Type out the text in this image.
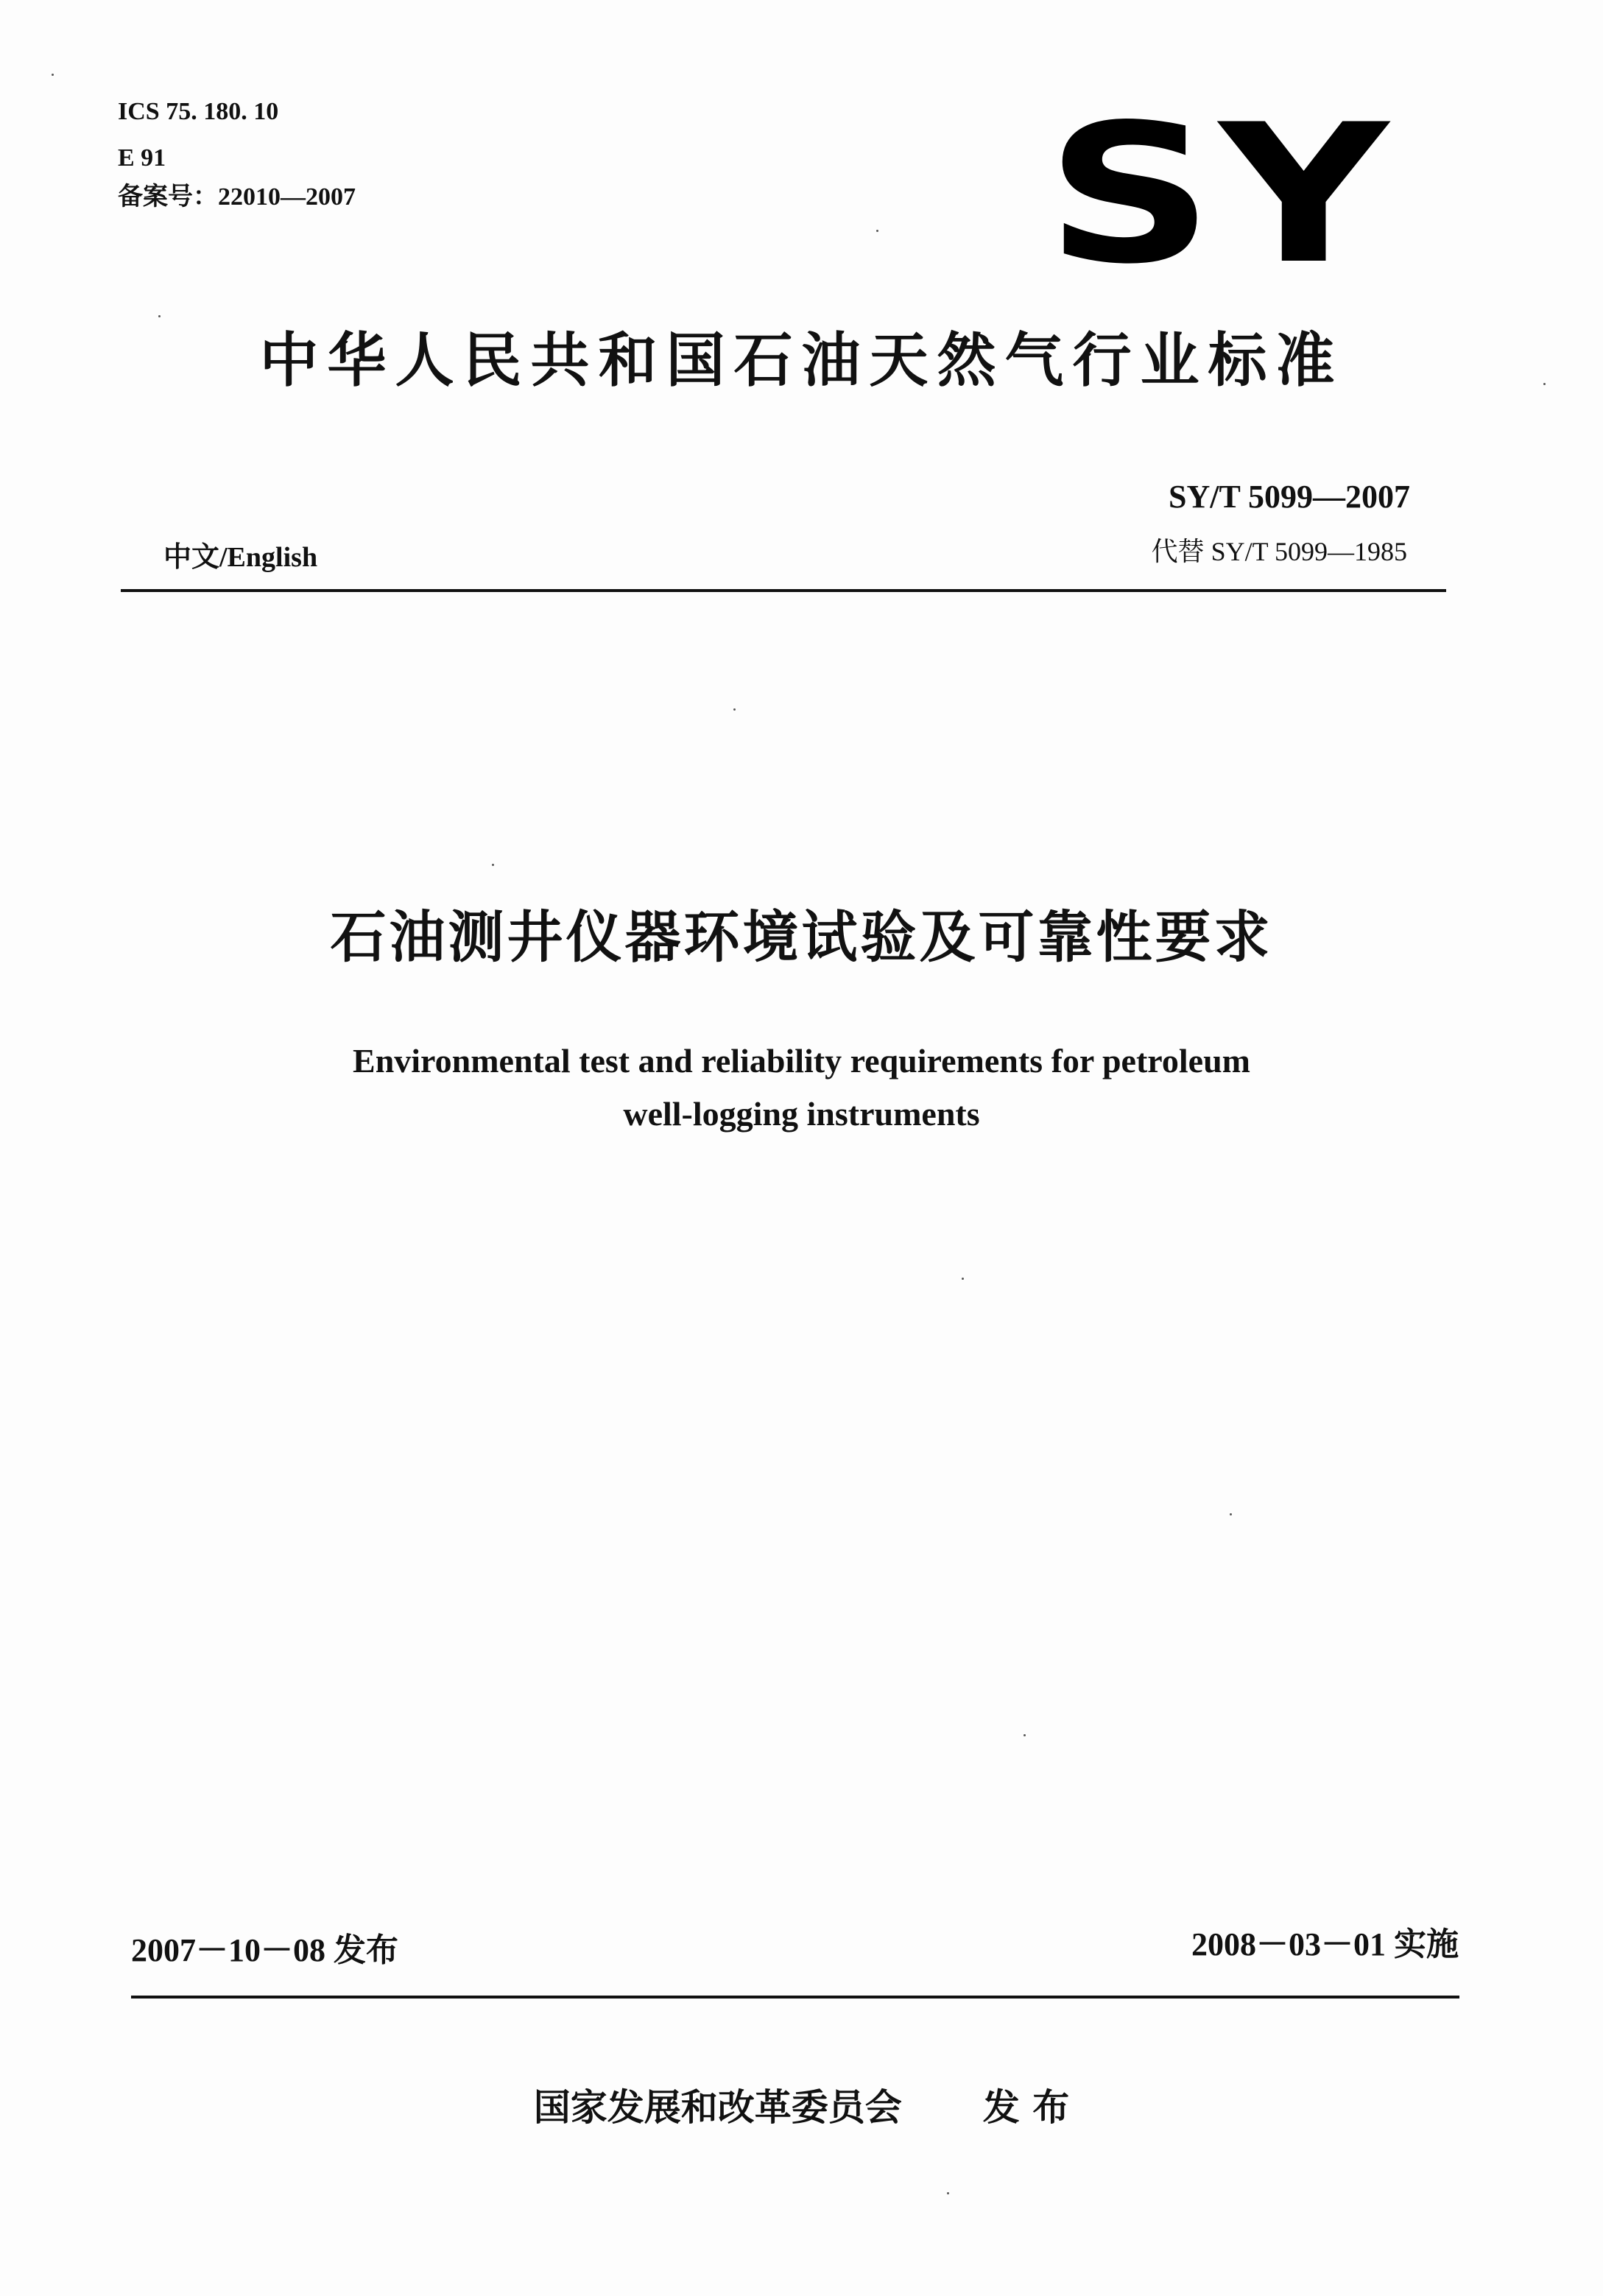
ICS 75. 180. 10
E 91
备案号：22010—2007	SY
中华人民共和国石油天然气行业标准
SY/T 5099—2007
代替 SY/T 5099—1985
中文/English
石油测井仪器环境试验及可靠性要求
Environmental test and reliability requirements for petroleum
well-logging instruments
2007－10－08 发布	2008－03－01 实施
国家发展和改革委员会 发 布
